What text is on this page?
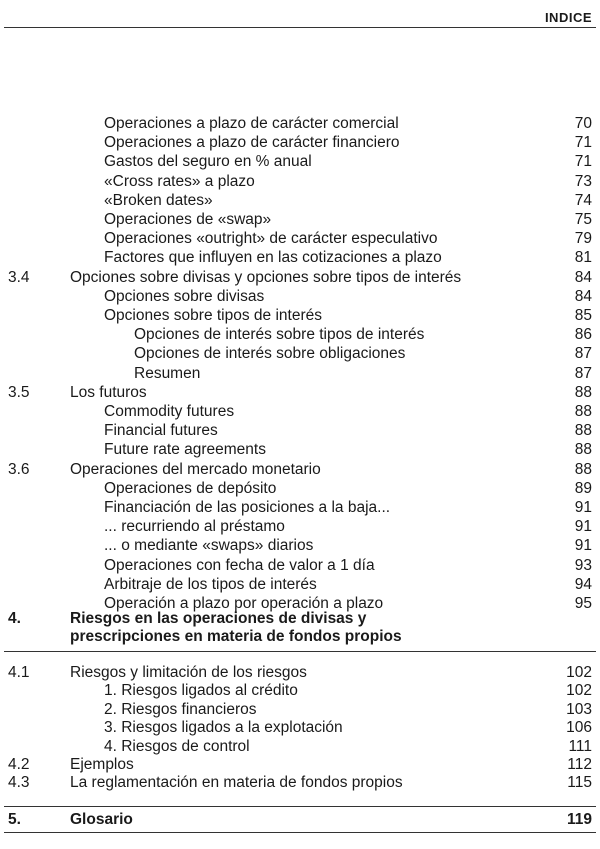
INDICE
Operaciones a plazo de carácter comercial	70
Operaciones a plazo de carácter financiero	71
Gastos del seguro en % anual	71
«Cross rates» a plazo	73
«Broken dates»	74
Operaciones de «swap»	75
Operaciones «outright» de carácter especulativo	79
Factores que influyen en las cotizaciones a plazo	81
3.4	Opciones sobre divisas y opciones sobre tipos de interés	84
Opciones sobre divisas	84
Opciones sobre tipos de interés	85
Opciones de interés sobre tipos de interés	86
Opciones de interés sobre obligaciones	87
Resumen	87
3.5	Los futuros	88
Commodity futures	88
Financial futures	88
Future rate agreements	88
3.6	Operaciones del mercado monetario	88
Operaciones de depósito	89
Financiación de las posiciones a la baja...	91
... recurriendo al préstamo	91
... o mediante «swaps» diarios	91
Operaciones con fecha de valor a 1 día	93
Arbitraje de los tipos de interés	94
Operación a plazo por operación a plazo	95
4.	Riesgos en las operaciones de divisas y
prescripciones en materia de fondos propios
4.1	Riesgos y limitación de los riesgos	102
1. Riesgos ligados al crédito	102
2. Riesgos financieros	103
3. Riesgos ligados a la explotación	106
4. Riesgos de control	111
4.2	Ejemplos	112
4.3	La reglamentación en materia de fondos propios	115
5.	Glosario	119
